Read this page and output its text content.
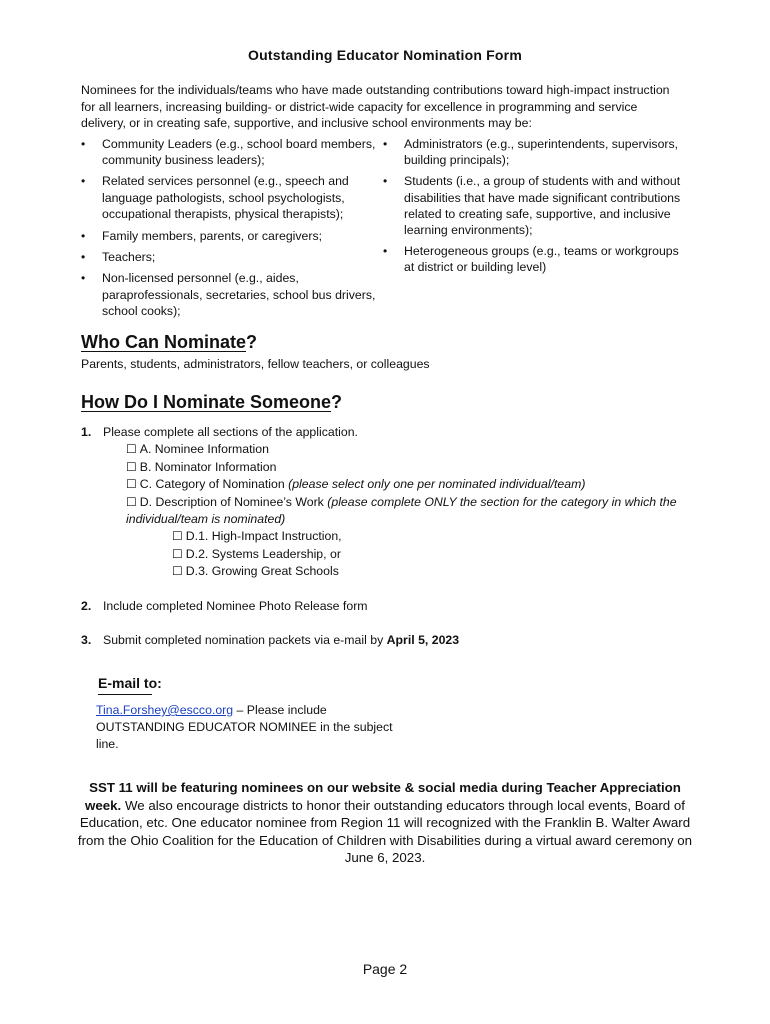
Outstanding Educator Nomination Form
Nominees for the individuals/teams who have made outstanding contributions toward high-impact instruction for all learners, increasing building- or district-wide capacity for excellence in programming and service delivery, or in creating safe, supportive, and inclusive school environments may be:
• Community Leaders (e.g., school board members, community business leaders);
• Related services personnel (e.g., speech and language pathologists, school psychologists, occupational therapists, physical therapists);
• Family members, parents, or caregivers;
• Teachers;
• Non-licensed personnel (e.g., aides, paraprofessionals, secretaries, school bus drivers, school cooks);
• Administrators (e.g., superintendents, supervisors, building principals);
• Students (i.e., a group of students with and without disabilities that have made significant contributions related to creating safe, supportive, and inclusive learning environments);
• Heterogeneous groups (e.g., teams or workgroups at district or building level)
Who Can Nominate?
Parents, students, administrators, fellow teachers, or colleagues
How Do I Nominate Someone?
1. Please complete all sections of the application.
☐ A. Nominee Information
☐ B. Nominator Information
☐ C. Category of Nomination (please select only one per nominated individual/team)
☐ D. Description of Nominee’s Work (please complete ONLY the section for the category in which the individual/team is nominated)
☐ D.1. High-Impact Instruction,
☐ D.2. Systems Leadership, or
☐ D.3. Growing Great Schools
2. Include completed Nominee Photo Release form
3. Submit completed nomination packets via e-mail by April 5, 2023
E-mail to:
Tina.Forshey@escco.org – Please include OUTSTANDING EDUCATOR NOMINEE in the subject line.
SST 11 will be featuring nominees on our website & social media during Teacher Appreciation week. We also encourage districts to honor their outstanding educators through local events, Board of Education, etc. One educator nominee from Region 11 will recognized with the Franklin B. Walter Award from the Ohio Coalition for the Education of Children with Disabilities during a virtual award ceremony on June 6, 2023.
Page 2
